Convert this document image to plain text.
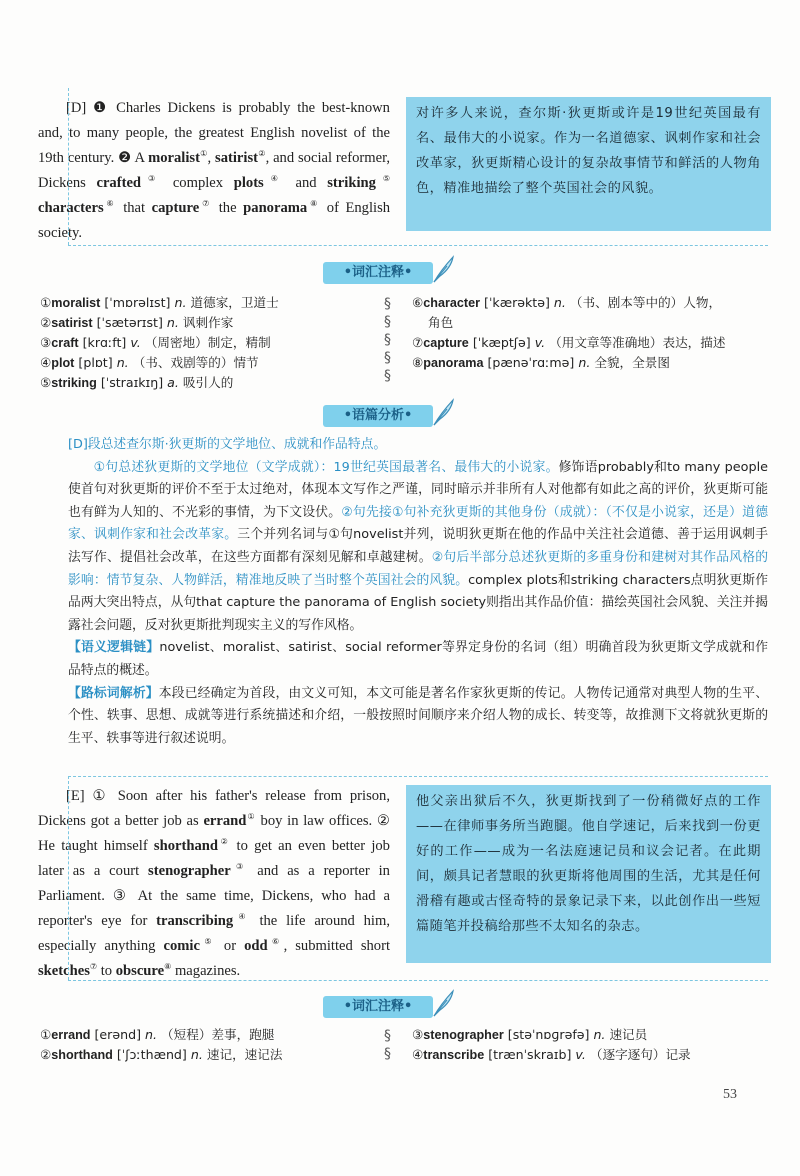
[D] ❶ Charles Dickens is probably the best-known and, to many people, the greatest English novelist of the 19th century. ❷ A moralist①, satirist②, and social reformer, Dickens crafted③ complex plots④ and striking⑤ characters⑥ that capture⑦ the panorama⑧ of English society.
对许多人来说，查尔斯·狄更斯或许是19世纪英国最有名、最伟大的小说家。作为一名道德家、讽刺作家和社会改革家，狄更斯精心设计的复杂故事情节和鲜活的人物角色，精准地描绘了整个英国社会的风貌。
•词汇注释•
①moralist [ˈmɒrəlɪst] n. 道德家，卫道士
②satirist [ˈsætərɪst] n. 讽刺作家
③craft [krɑːft] v. （周密地）制定，精制
④plot [plɒt] n. （书、戏剧等的）情节
⑤striking [ˈstraɪkɪŋ] a. 吸引人的
§
§
§
§
§
⑥character [ˈkærəktə] n. （书、剧本等中的）人物，
角色
⑦capture [ˈkæptʃə] v. （用文章等准确地）表达，描述
⑧panorama [pænəˈrɑːmə] n. 全貌，全景图
•语篇分析•
[D]段总述查尔斯·狄更斯的文学地位、成就和作品特点。
①句总述狄更斯的文学地位（文学成就）：19世纪英国最著名、最伟大的小说家。修饰语probably和to many people使首句对狄更斯的评价不至于太过绝对，体现本文写作之严谨，同时暗示并非所有人对他都有如此之高的评价，狄更斯可能也有鲜为人知的、不光彩的事情，为下文设伏。②句先接①句补充狄更斯的其他身份（成就）：（不仅是小说家，还是）道德家、讽刺作家和社会改革家。三个并列名词与①句novelist并列，说明狄更斯在他的作品中关注社会道德、善于运用讽刺手法写作、提倡社会改革，在这些方面都有深刻见解和卓越建树。②句后半部分总述狄更斯的多重身份和建树对其作品风格的影响：情节复杂、人物鲜活，精准地反映了当时整个英国社会的风貌。complex plots和striking characters点明狄更斯作品两大突出特点，从句that capture the panorama of English society则指出其作品价值：描绘英国社会风貌、关注并揭露社会问题，反对狄更斯批判现实主义的写作风格。
【语义逻辑链】novelist、moralist、satirist、social reformer等界定身份的名词（组）明确首段为狄更斯文学成就和作品特点的概述。
【路标词解析】本段已经确定为首段，由文义可知，本文可能是著名作家狄更斯的传记。人物传记通常对典型人物的生平、个性、轶事、思想、成就等进行系统描述和介绍，一般按照时间顺序来介绍人物的成长、转变等，故推测下文将就狄更斯的生平、轶事等进行叙述说明。
[E] ① Soon after his father's release from prison, Dickens got a better job as errand① boy in law offices. ② He taught himself shorthand② to get an even better job later as a court stenographer③ and as a reporter in Parliament. ③ At the same time, Dickens, who had a reporter's eye for transcribing④ the life around him, especially anything comic⑤ or odd⑥, submitted short sketches⑦ to obscure⑧ magazines.
他父亲出狱后不久，狄更斯找到了一份稍微好点的工作——在律师事务所当跑腿。他自学速记，后来找到一份更好的工作——成为一名法庭速记员和议会记者。在此期间，颇具记者慧眼的狄更斯将他周围的生活，尤其是任何滑稽有趣或古怪奇特的景象记录下来，以此创作出一些短篇随笔并投稿给那些不太知名的杂志。
•词汇注释•
①errand [erənd] n. （短程）差事，跑腿
②shorthand [ˈʃɔːthænd] n. 速记，速记法
§
§
③stenographer [stəˈnɒɡrəfə] n. 速记员
④transcribe [trænˈskraɪb] v. （逐字逐句）记录
53
